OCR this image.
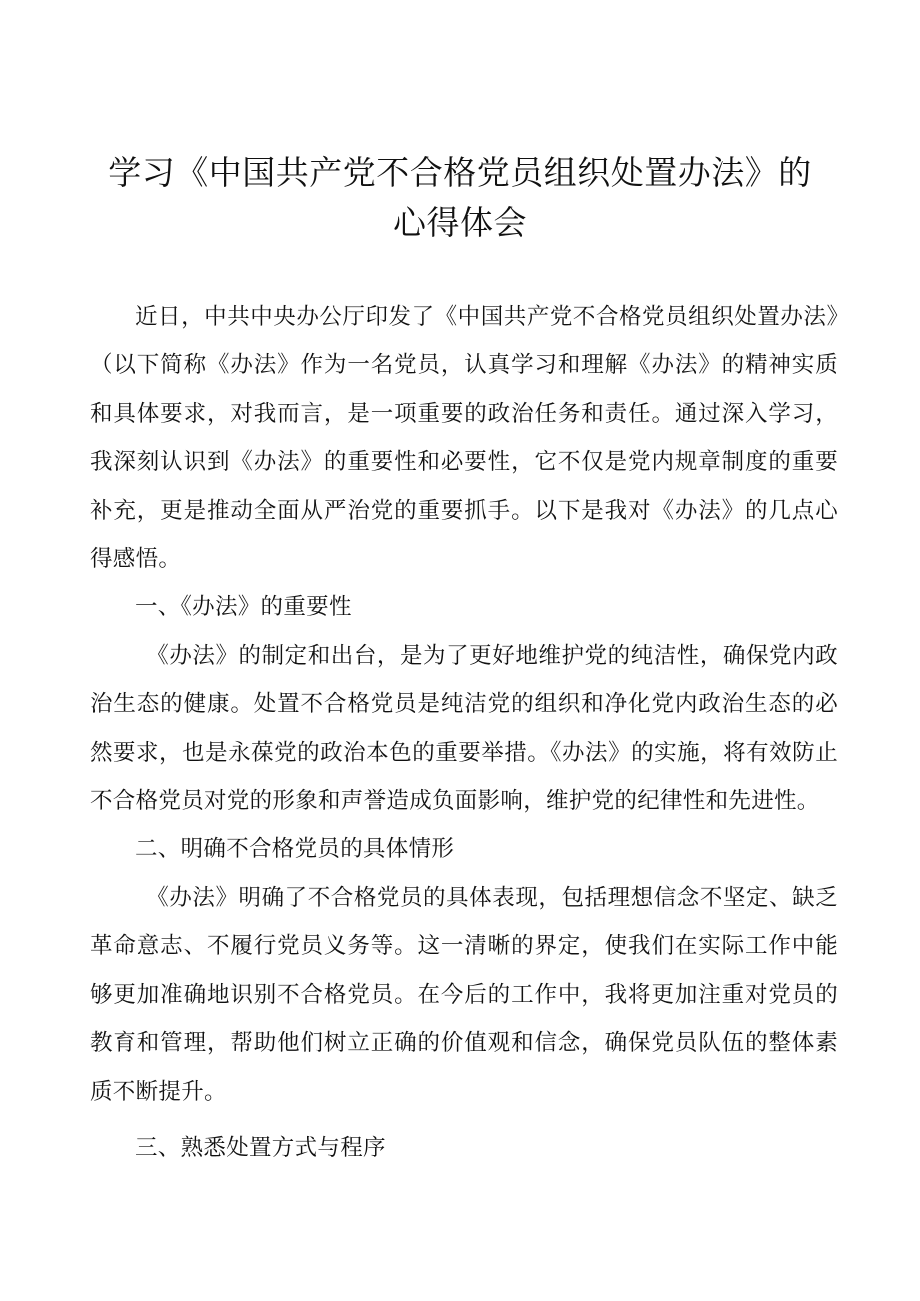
学习《中国共产党不合格党员组织处置办法》的
心得体会

近日，中共中央办公厅印发了《中国共产党不合格党员组织处置办法》（以下简称《办法》作为一名党员，认真学习和理解《办法》的精神实质和具体要求，对我而言，是一项重要的政治任务和责任。通过深入学习，我深刻认识到《办法》的重要性和必要性，它不仅是党内规章制度的重要补充，更是推动全面从严治党的重要抓手。以下是我对《办法》的几点心得感悟。

一、《办法》的重要性

《办法》的制定和出台，是为了更好地维护党的纯洁性，确保党内政治生态的健康。处置不合格党员是纯洁党的组织和净化党内政治生态的必然要求，也是永葆党的政治本色的重要举措。《办法》的实施，将有效防止不合格党员对党的形象和声誉造成负面影响，维护党的纪律性和先进性。

二、明确不合格党员的具体情形

《办法》明确了不合格党员的具体表现，包括理想信念不坚定、缺乏革命意志、不履行党员义务等。这一清晰的界定，使我们在实际工作中能够更加准确地识别不合格党员。在今后的工作中，我将更加注重对党员的教育和管理，帮助他们树立正确的价值观和信念，确保党员队伍的整体素质不断提升。

三、熟悉处置方式与程序
